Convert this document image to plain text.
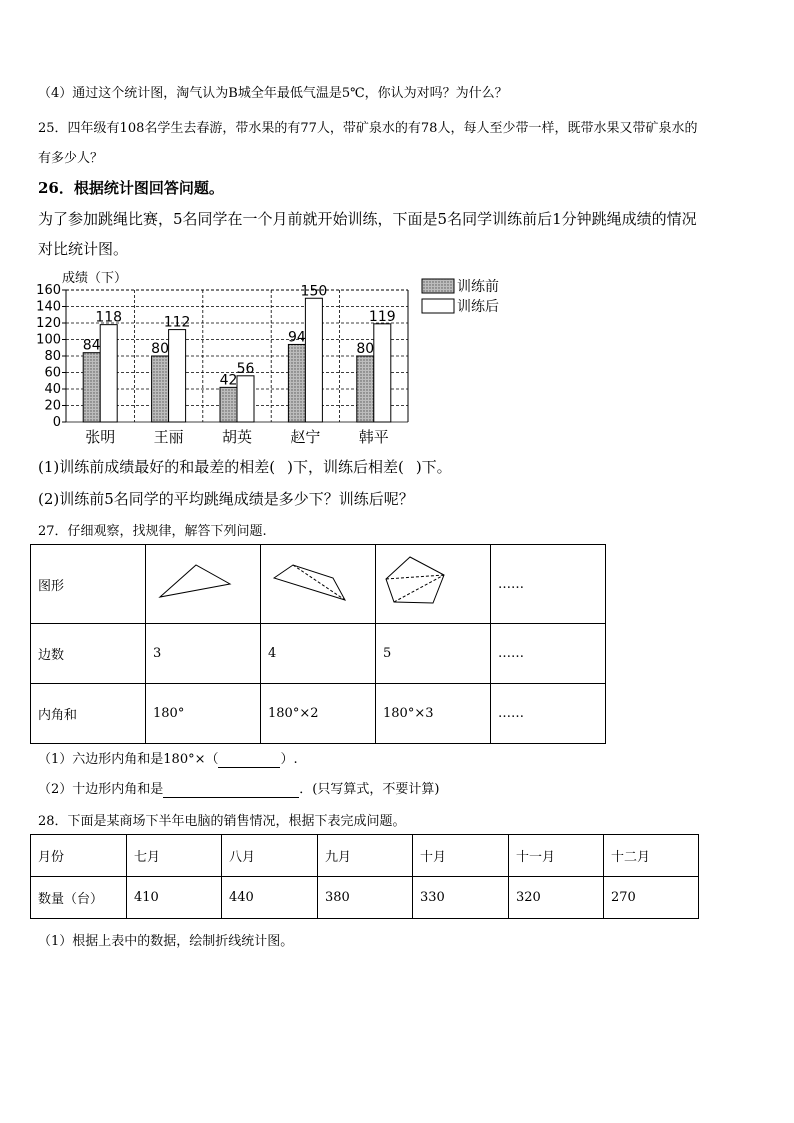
（4）通过这个统计图，淘气认为B城全年最低气温是5℃，你认为对吗？为什么？
25．四年级有108名学生去春游，带水果的有77人，带矿泉水的有78人，每人至少带一样，既带水果又带矿泉水的
有多少人？
26．根据统计图回答问题。
为了参加跳绳比赛，5名同学在一个月前就开始训练，下面是5名同学训练前后1分钟跳绳成绩的情况
对比统计图。
成绩（下）
0
20
40
60
80
100
120
140
160
84
118
80
112
42
56
94
150
80
119
张明	王丽	胡英	赵宁	韩平
训练前
训练后
(1)训练前成绩最好的和最差的相差( )下，训练后相差( )下。
(2)训练前5名同学的平均跳绳成绩是多少下？训练后呢？
27．仔细观察，找规律，解答下列问题.
图形				……
边数	3	4	5	……
内角和	180°	180°×2	180°×3	……
（1）六边形内角和是180°×（	）.
（2）十边形内角和是	．(只写算式，不要计算)
28．下面是某商场下半年电脑的销售情况，根据下表完成问题。
月份	七月	八月	九月	十月	十一月	十二月
数量（台）	410	440	380	330	320	270
（1）根据上表中的数据，绘制折线统计图。
